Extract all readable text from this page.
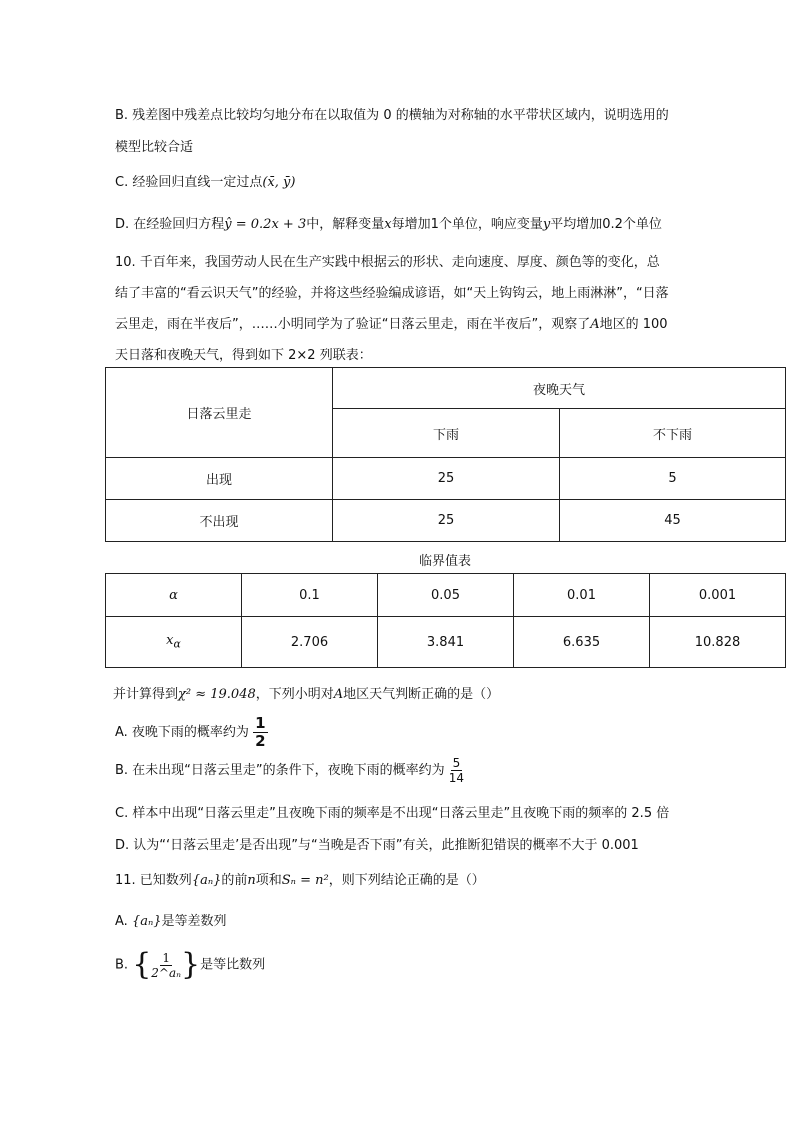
B. 残差图中残差点比较均匀地分布在以取值为 0 的横轴为对称轴的水平带状区域内，说明选用的
模型比较合适
C. 经验回归直线一定过点(x̄, ȳ)
D. 在经验回归方程ŷ = 0.2x + 3中，解释变量x每增加1个单位，响应变量y平均增加0.2个单位
10. 千百年来，我国劳动人民在生产实践中根据云的形状、走向速度、厚度、颜色等的变化，总
结了丰富的“看云识天气”的经验，并将这些经验编成谚语，如“天上钩钩云，地上雨淋淋”，“日落
云里走，雨在半夜后”，……小明同学为了验证“日落云里走，雨在半夜后”，观察了A地区的 100
天日落和夜晚天气，得到如下 2×2 列联表：
日落云里走	夜晚天气	
	下雨	不下雨
出现	25	5
不出现	25	45
临界值表
α	0.1	0.05	0.01	0.001
$x_\alpha$	2.706	3.841	6.635	10.828
并计算得到χ² ≈ 19.048，下列小明对A地区天气判断正确的是（）
A. 夜晚下雨的概率约为 $\frac{1}{2}$
B. 在未出现“日落云里走”的条件下，夜晚下雨的概率约为 $\frac{5}{14}$
C. 样本中出现“日落云里走”且夜晚下雨的频率是不出现“日落云里走”且夜晚下雨的频率的 2.5 倍
D. 认为“‘日落云里走’是否出现”与“当晚是否下雨”有关，此推断犯错误的概率不大于 0.001
11. 已知数列{aₙ}的前n项和Sₙ = n²，则下列结论正确的是（）
A. {aₙ}是等差数列
B. { $\frac{1}{\text{2\textasciicircum{}aₙ}}$ }是等比数列
